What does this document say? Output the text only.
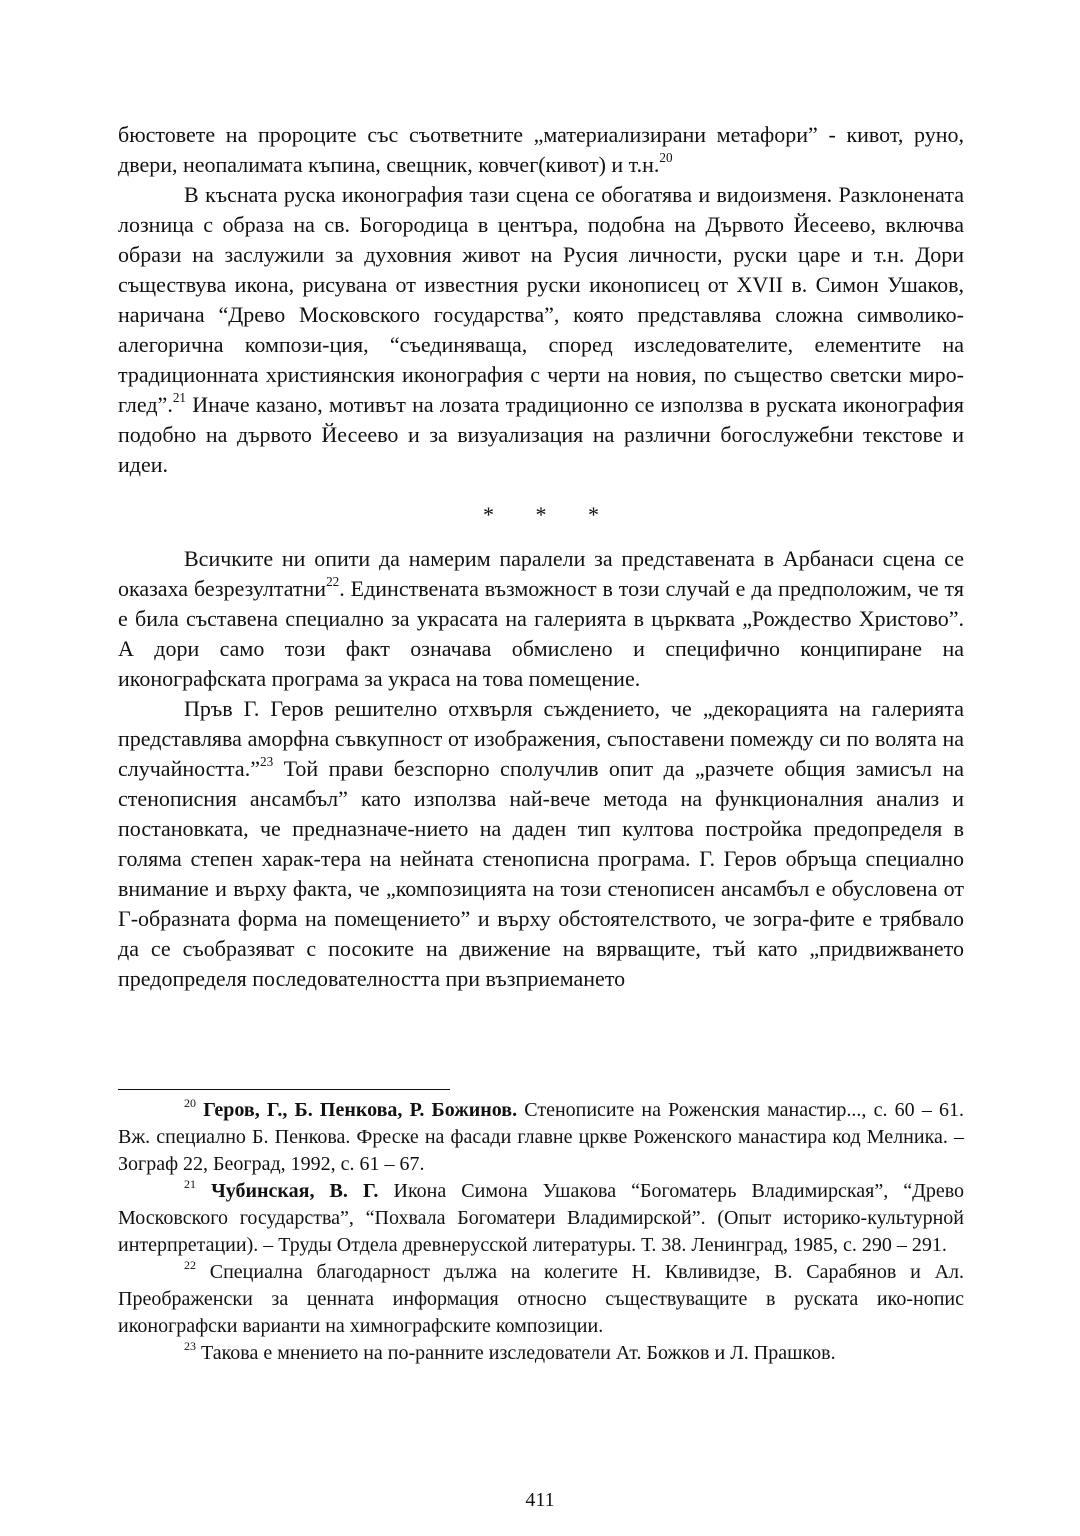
бюстовете на пророците със съответните „материализирани метафори” - кивот, руно, двери, неопалимата къпина, свещник, ковчег(кивот) и т.н.$^{20}$

В късната руска иконография тази сцена се обогатява и видоизменя. Разклонената лозница с образа на св. Богородица в центъра, подобна на Дървото Йесеево, включва образи на заслужили за духовния живот на Русия личности, руски царе и т.н. Дори съществува икона, рисувана от известния руски иконописец от XVII в. Симон Ушаков, наричана “Древо Московского государства”, която представлява сложна символико-алегорична компози-ция, “съединяваща, според изследователите, елементите на традиционната християнския иконография с черти на новия, по същество светски миро-глед”.$^{21}$ Иначе казано, мотивът на лозата традиционно се използва в руската иконография подобно на дървото Йесеево и за визуализация на различни богослужебни текстове и идеи.

* * *

Всичките ни опити да намерим паралели за представената в Арбанаси сцена се оказаха безрезултатни$^{22}$. Единствената възможност в този случай е да предположим, че тя е била съставена специално за украсата на галерията в църквата „Рождество Христово”. А дори само този факт означава обмислено и специфично конципиране на иконографската програма за украса на това помещение.

Пръв Г. Геров решително отхвърля съждението, че „декорацията на галерията представлява аморфна съвкупност от изображения, съпоставени помежду си по волята на случайността.”$^{23}$ Той прави безспорно сполучлив опит да „разчете общия замисъл на стенописния ансамбъл” като използва най-вече метода на функционалния анализ и постановката, че предназначе-нието на даден тип култова постройка предопределя в голяма степен харак-тера на нейната стенописна програма. Г. Геров обръща специално внимание и върху факта, че „композицията на този стенописен ансамбъл е обусловена от Г-образната форма на помещението” и върху обстоятелството, че зогра-фите е трябвало да се съобразяват с посоките на движение на вярващите, тъй като „придвижването предопределя последователността при възприемането

$^{20}$ Геров, Г., Б. Пенкова, Р. Божинов. Стенописите на Роженския манастир..., с. 60 – 61. Вж. специално Б. Пенкова. Фреске на фасади главне цркве Роженского манастира код Мелника. – Зограф 22, Београд, 1992, с. 61 – 67.

$^{21}$ Чубинская, В. Г. Икона Симона Ушакова “Богоматерь Владимирская”, “Древо Московского государства”, “Похвала Богоматери Владимирской”. (Опыт историко-культурной интерпретации). – Труды Отдела древнерусской литературы. Т. 38. Ленинград, 1985, с. 290 – 291.

$^{22}$ Специална благодарност дължа на колегите Н. Квливидзе, В. Сарабянов и Ал. Преображенски за ценната информация относно съществуващите в руската ико-нопис иконографски варианти на химнографските композиции.

$^{23}$ Такова е мнението на по-ранните изследователи Ат. Божков и Л. Прашков.

411
